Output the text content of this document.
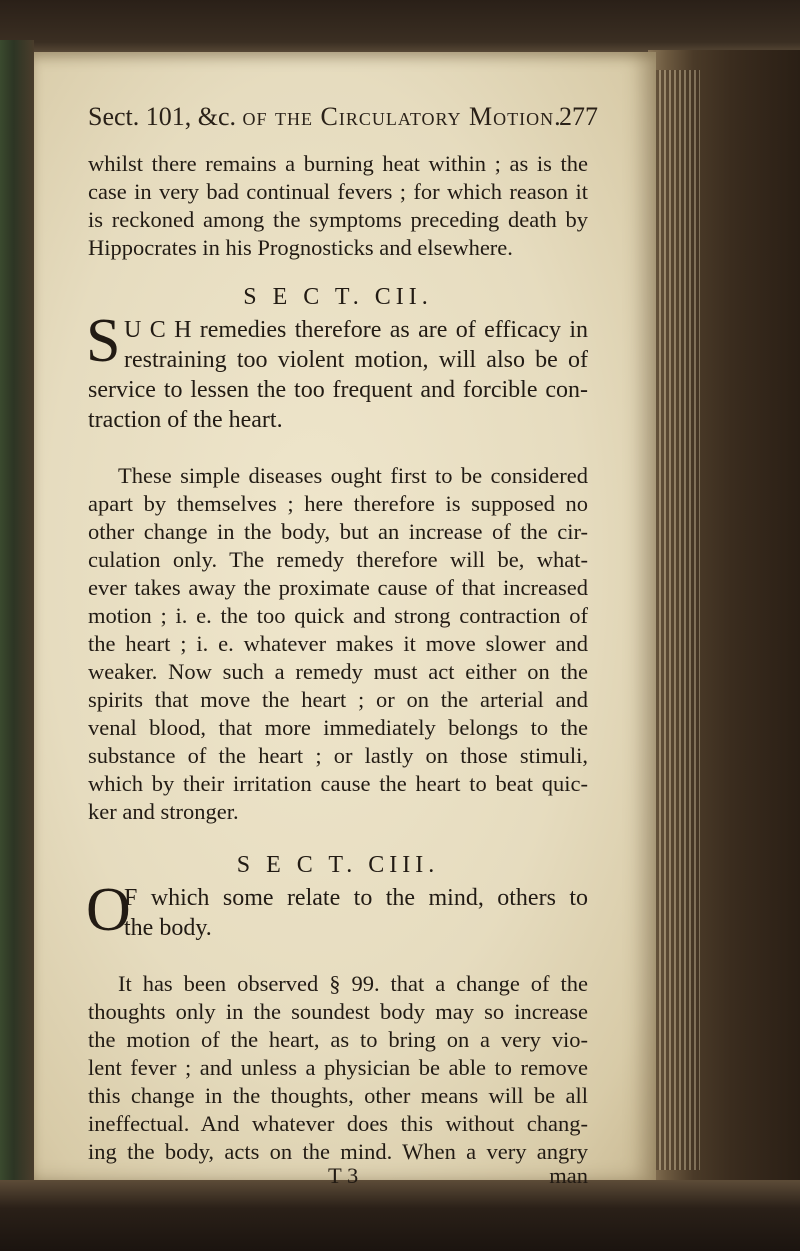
Sect. 101, &c. of the Circulatory Motion.
277
whilst there remains a burning heat within ; as is the
case in very bad continual fevers ; for which reason it
is reckoned among the symptoms preceding death by
Hippocrates in his Prognosticks and elsewhere.
S E C T. CII.
S U C H remedies therefore as are of efficacy in
restraining too violent motion, will also be of
service to lessen the too frequent and forcible con-
traction of the heart.
These simple diseases ought first to be considered
apart by themselves ; here therefore is supposed no
other change in the body, but an increase of the cir-
culation only. The remedy therefore will be, what-
ever takes away the proximate cause of that increased
motion ; i. e. the too quick and strong contraction of
the heart ; i. e. whatever makes it move slower and
weaker. Now such a remedy must act either on the
spirits that move the heart ; or on the arterial and
venal blood, that more immediately belongs to the
substance of the heart ; or lastly on those stimuli,
which by their irritation cause the heart to beat quic-
ker and stronger.
S E C T. CIII.
O
F which some relate to the mind, others to
the body.
It has been observed § 99. that a change of the
thoughts only in the soundest body may so increase
the motion of the heart, as to bring on a very vio-
lent fever ; and unless a physician be able to remove
this change in the thoughts, other means will be all
ineffectual. And whatever does this without chang-
ing the body, acts on the mind. When a very angry
T 3	man
